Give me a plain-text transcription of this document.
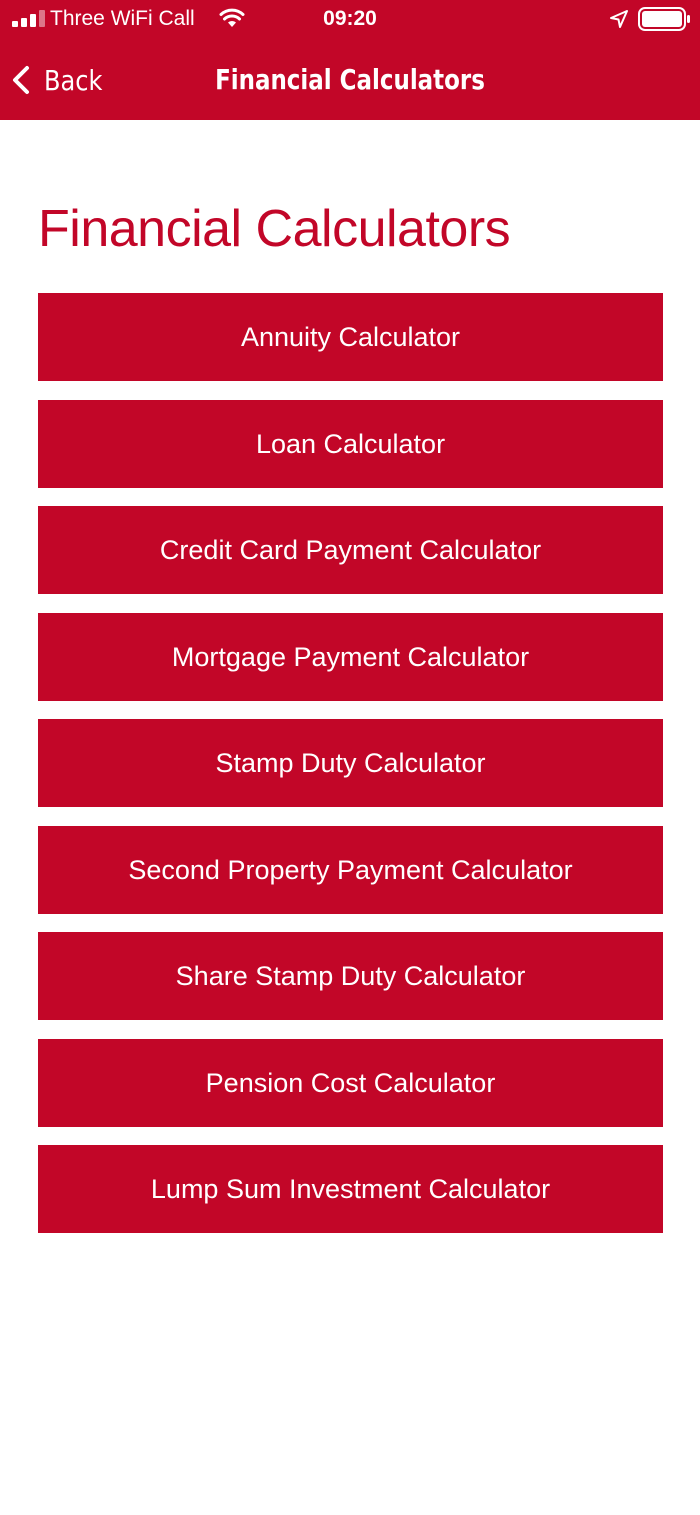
Three WiFi Call	09:20
Back	Financial Calculators
Financial Calculators
Annuity Calculator
Loan Calculator
Credit Card Payment Calculator
Mortgage Payment Calculator
Stamp Duty Calculator
Second Property Payment Calculator
Share Stamp Duty Calculator
Pension Cost Calculator
Lump Sum Investment Calculator
